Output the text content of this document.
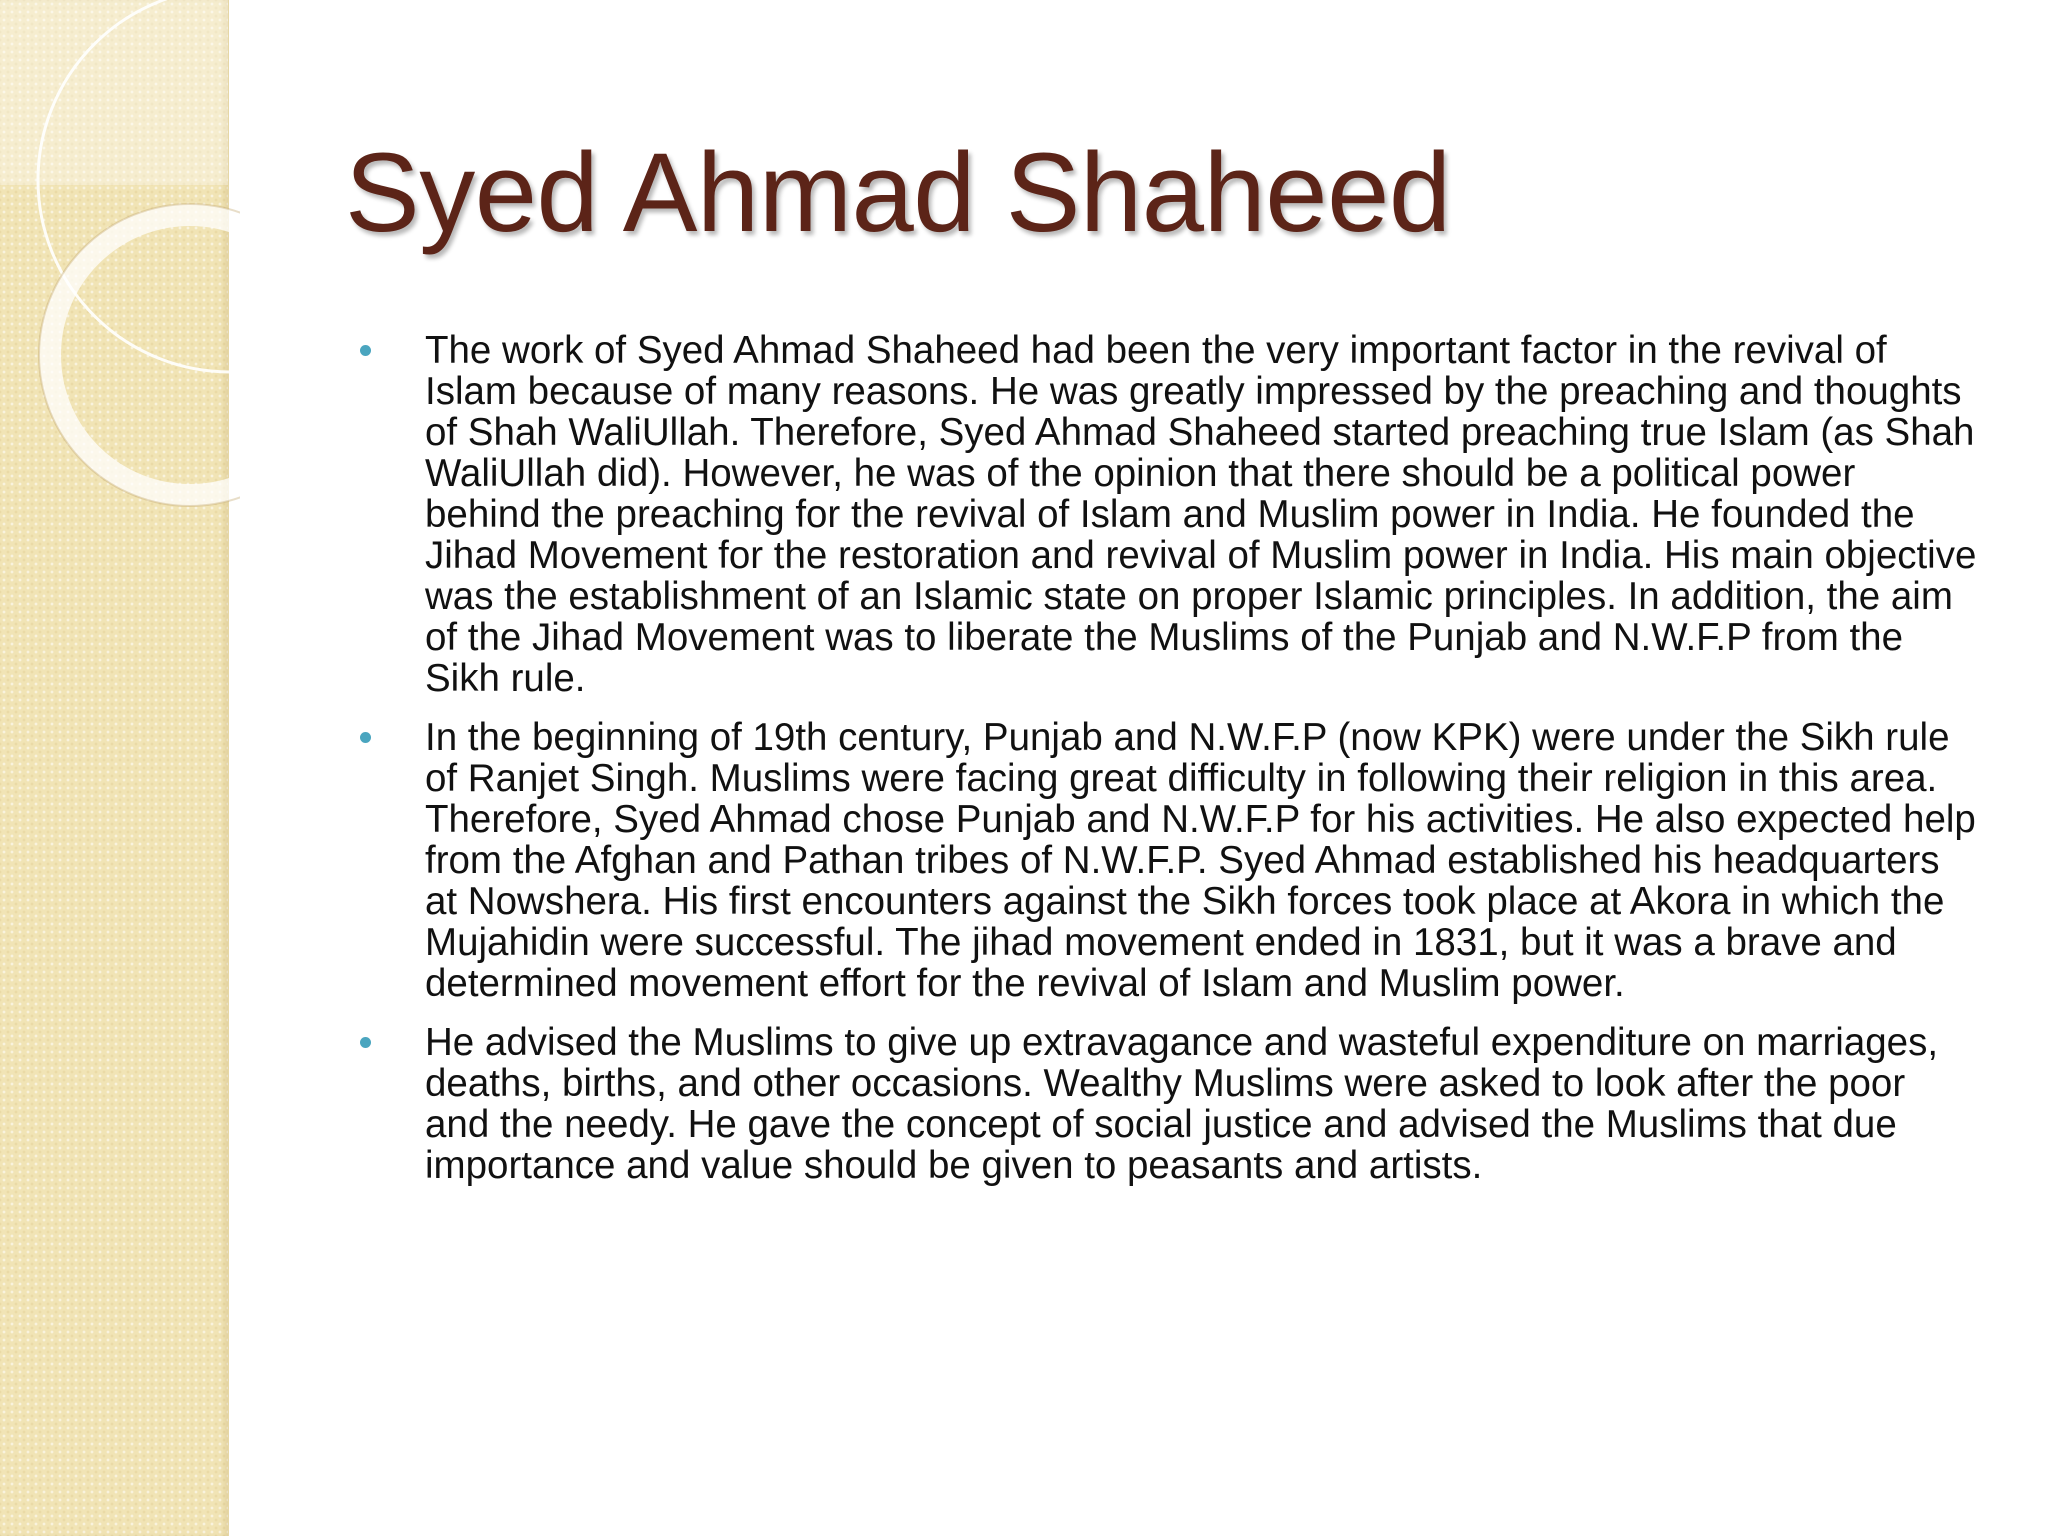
Syed Ahmad Shaheed
The work of Syed Ahmad Shaheed had been the very important factor in the revival of Islam because of many reasons. He was greatly impressed by the preaching and thoughts of Shah WaliUllah. Therefore, Syed Ahmad Shaheed started preaching true Islam (as Shah WaliUllah did). However, he was of the opinion that there should be a political power behind the preaching for the revival of Islam and Muslim power in India. He founded the Jihad Movement for the restoration and revival of Muslim power in India. His main objective was the establishment of an Islamic state on proper Islamic principles. In addition, the aim of the Jihad Movement was to liberate the Muslims of the Punjab and N.W.F.P from the Sikh rule.
In the beginning of 19th century, Punjab and N.W.F.P (now KPK) were under the Sikh rule of Ranjet Singh. Muslims were facing great difficulty in following their religion in this area. Therefore, Syed Ahmad chose Punjab and N.W.F.P for his activities. He also expected help from the Afghan and Pathan tribes of N.W.F.P. Syed Ahmad established his headquarters at Nowshera. His first encounters against the Sikh forces took place at Akora in which the Mujahidin were successful. The jihad movement ended in 1831, but it was a brave and determined movement effort for the revival of Islam and Muslim power.
He advised the Muslims to give up extravagance and wasteful expenditure on marriages, deaths, births, and other occasions. Wealthy Muslims were asked to look after the poor and the needy. He gave the concept of social justice and advised the Muslims that due importance and value should be given to peasants and artists.
